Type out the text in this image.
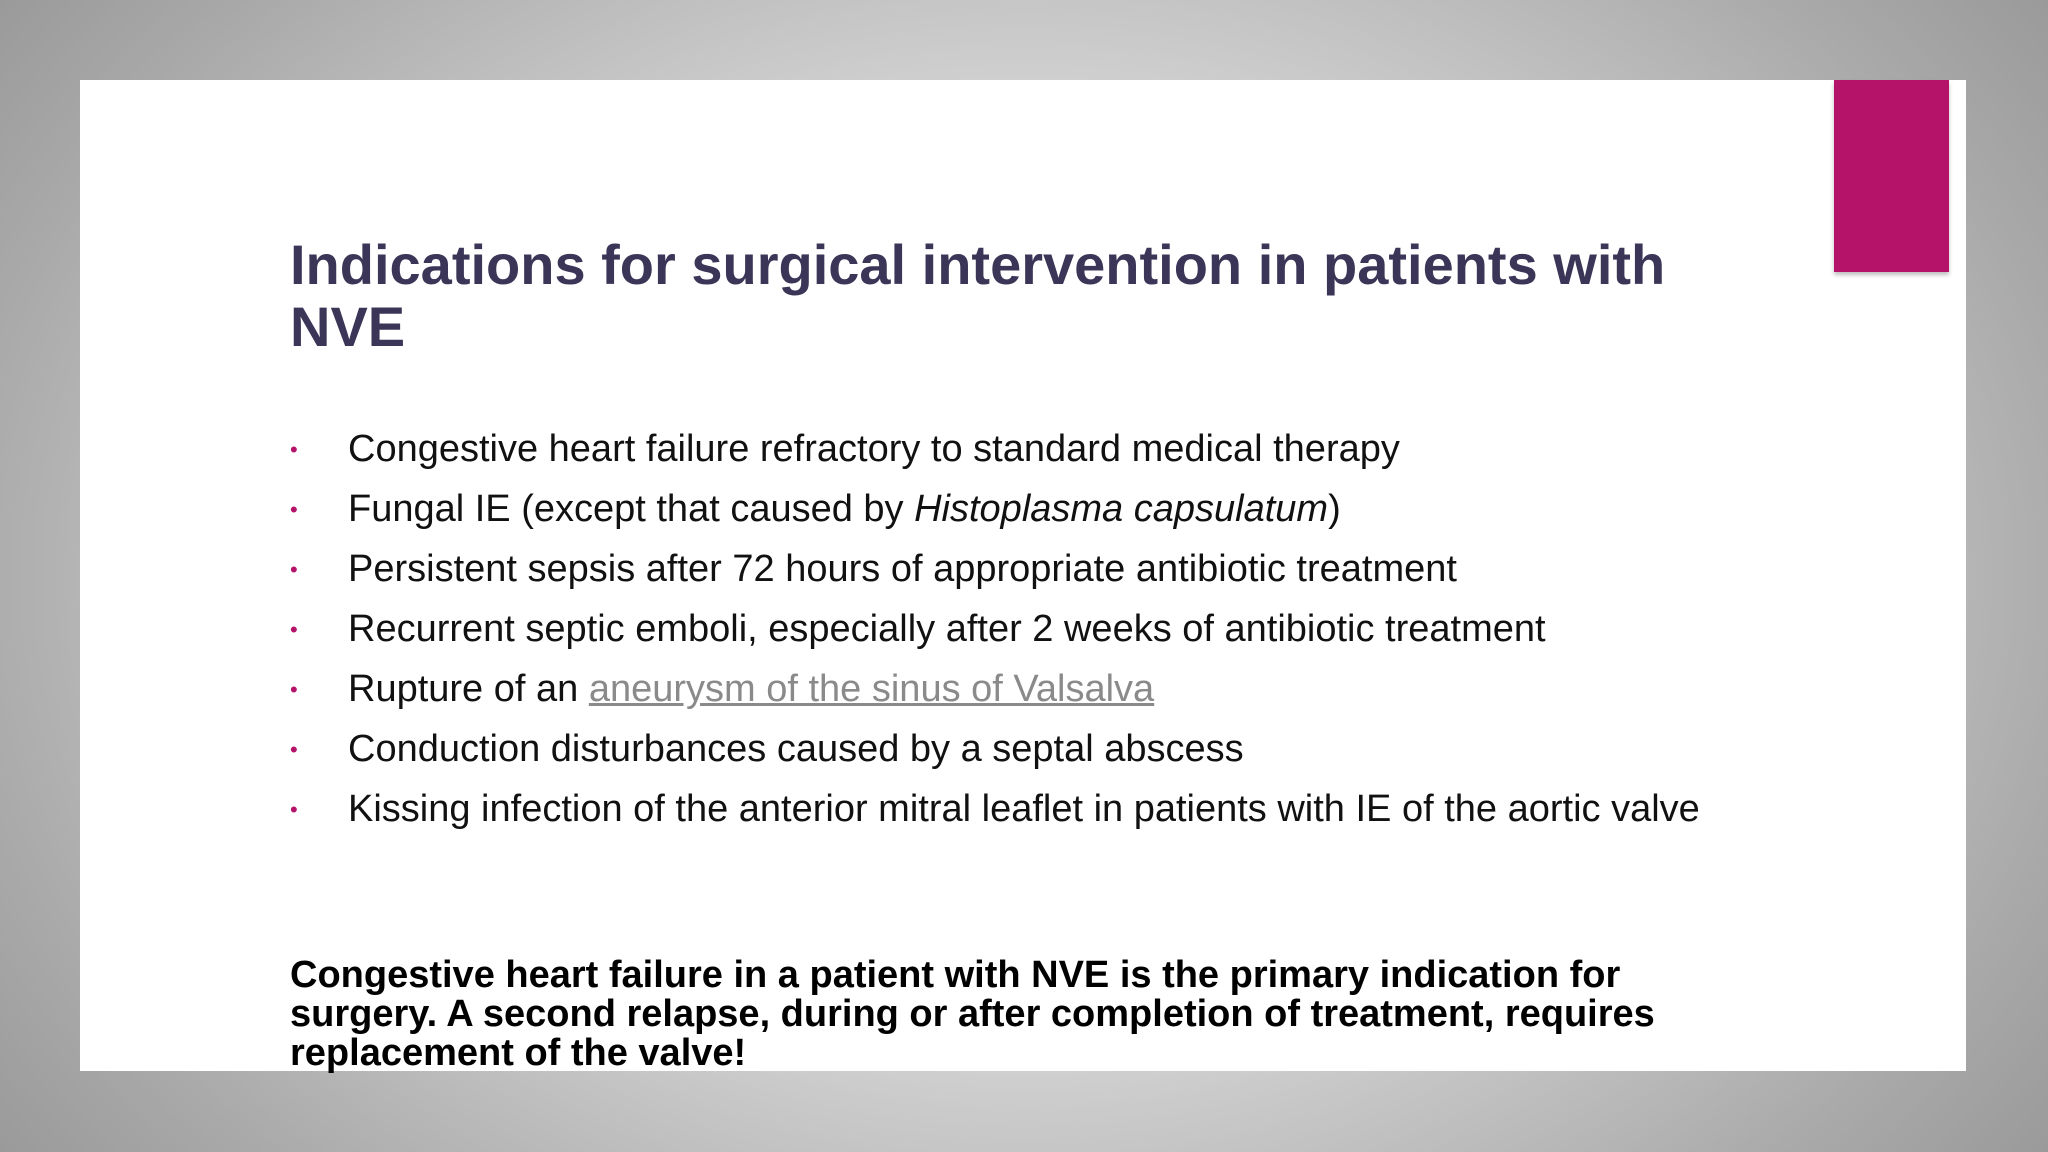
Indications for surgical intervention in patients with NVE
• Congestive heart failure refractory to standard medical therapy
• Fungal IE (except that caused by Histoplasma capsulatum)
• Persistent sepsis after 72 hours of appropriate antibiotic treatment
• Recurrent septic emboli, especially after 2 weeks of antibiotic treatment
• Rupture of an aneurysm of the sinus of Valsalva
• Conduction disturbances caused by a septal abscess
• Kissing infection of the anterior mitral leaflet in patients with IE of the aortic valve

Congestive heart failure in a patient with NVE is the primary indication for surgery. A second relapse, during or after completion of treatment, requires replacement of the valve!
